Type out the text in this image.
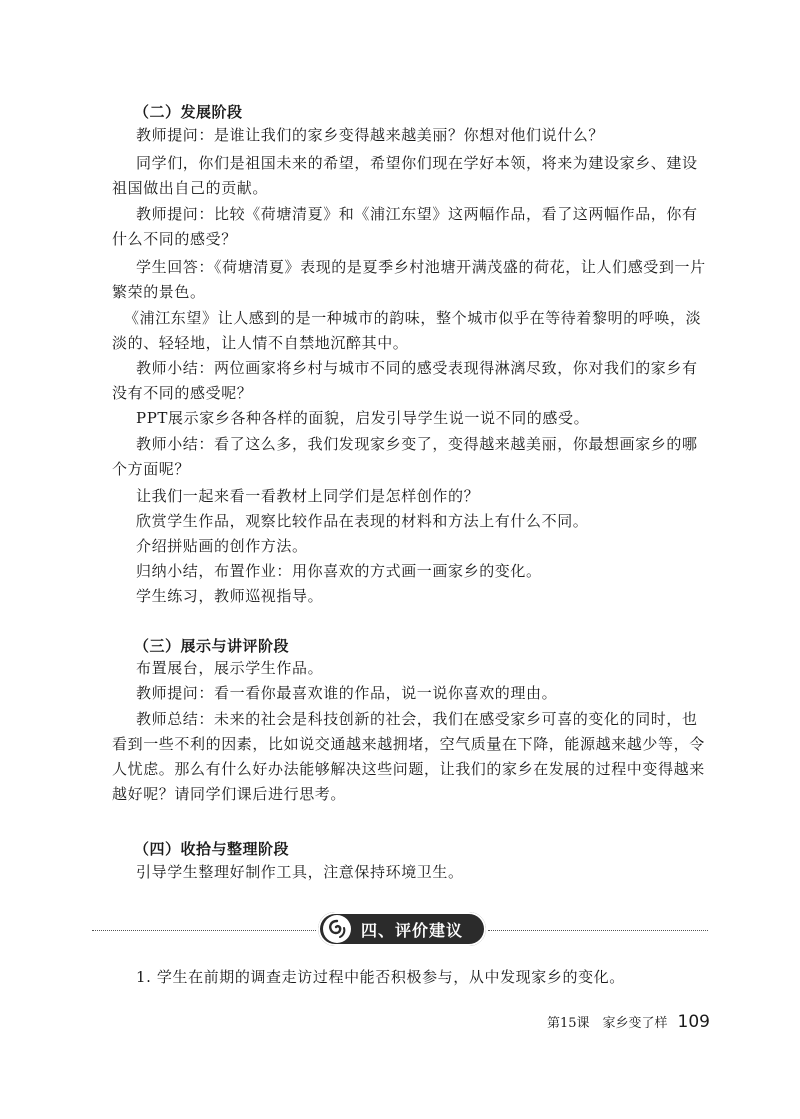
（二）发展阶段
教师提问：是谁让我们的家乡变得越来越美丽？你想对他们说什么？
同学们，你们是祖国未来的希望，希望你们现在学好本领，将来为建设家乡、建设祖国做出自己的贡献。
教师提问：比较《荷塘清夏》和《浦江东望》这两幅作品，看了这两幅作品，你有什么不同的感受？
学生回答：《荷塘清夏》表现的是夏季乡村池塘开满茂盛的荷花，让人们感受到一片繁荣的景色。
《浦江东望》让人感到的是一种城市的韵味，整个城市似乎在等待着黎明的呼唤，淡淡的、轻轻地，让人情不自禁地沉醉其中。
教师小结：两位画家将乡村与城市不同的感受表现得淋漓尽致，你对我们的家乡有没有不同的感受呢？
PPT展示家乡各种各样的面貌，启发引导学生说一说不同的感受。
教师小结：看了这么多，我们发现家乡变了，变得越来越美丽，你最想画家乡的哪个方面呢？
让我们一起来看一看教材上同学们是怎样创作的？
欣赏学生作品，观察比较作品在表现的材料和方法上有什么不同。
介绍拼贴画的创作方法。
归纳小结，布置作业：用你喜欢的方式画一画家乡的变化。
学生练习，教师巡视指导。
（三）展示与讲评阶段
布置展台，展示学生作品。
教师提问：看一看你最喜欢谁的作品，说一说你喜欢的理由。
教师总结：未来的社会是科技创新的社会，我们在感受家乡可喜的变化的同时，也看到一些不利的因素，比如说交通越来越拥堵，空气质量在下降，能源越来越少等，令人忧虑。那么有什么好办法能够解决这些问题，让我们的家乡在发展的过程中变得越来越好呢？请同学们课后进行思考。
（四）收拾与整理阶段
引导学生整理好制作工具，注意保持环境卫生。
四、评价建议
1. 学生在前期的调查走访过程中能否积极参与，从中发现家乡的变化。
第15课　家乡变了样 109
